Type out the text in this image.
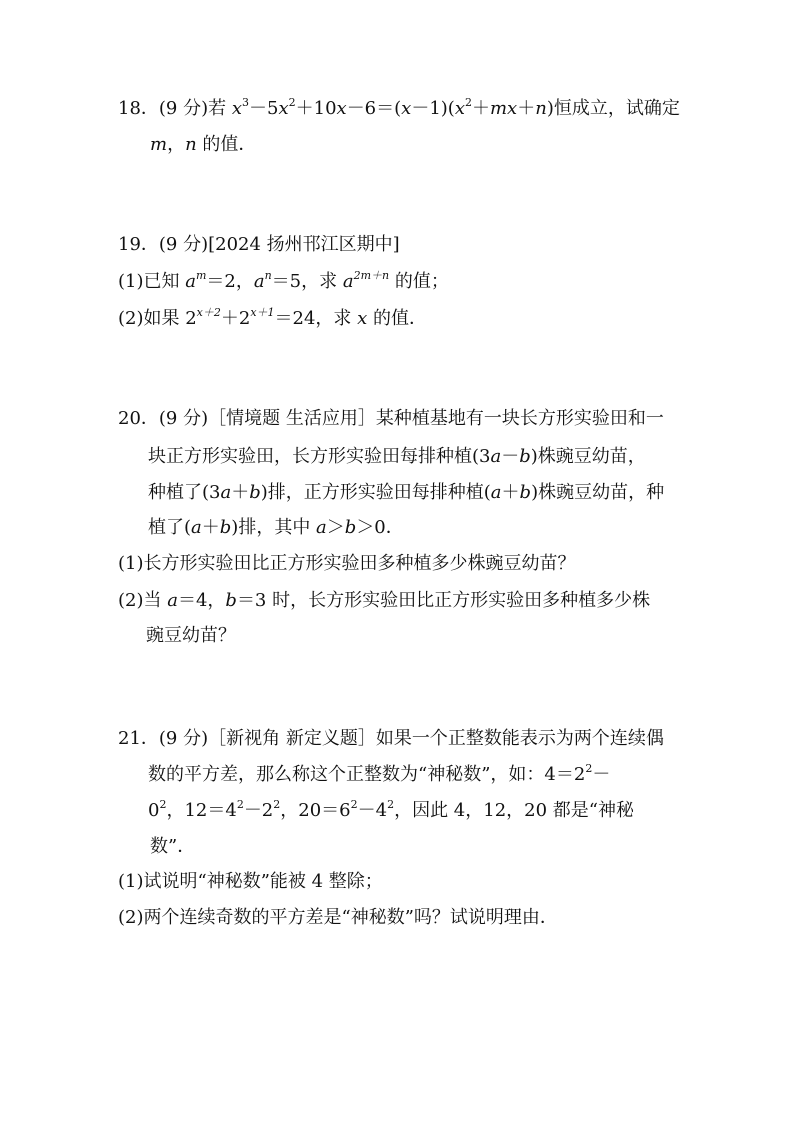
18．(9 分)若 $x^3-5x^2+10x-6=(x-1)(x^2+mx+n)$恒成立，试确定
m，n 的值．
19．(9 分)[2024 扬州邗江区期中]
(1)已知 $a^m=2$，$a^n=5$，求 $a^{2m+n}$ 的值；
(2)如果 $2^{x+2}+2^{x+1}=24$，求 x 的值．
20．(9 分)［情境题 生活应用］某种植基地有一块长方形实验田和一
块正方形实验田，长方形实验田每排种植(3a－b)株豌豆幼苗，
种植了(3a＋b)排，正方形实验田每排种植(a＋b)株豌豆幼苗，种
植了(a＋b)排，其中 a＞b＞0．
(1)长方形实验田比正方形实验田多种植多少株豌豆幼苗？
(2)当 a＝4，b＝3 时，长方形实验田比正方形实验田多种植多少株
豌豆幼苗？
21．(9 分)［新视角 新定义题］如果一个正整数能表示为两个连续偶
数的平方差，那么称这个正整数为“神秘数”，如：$4=2^2-$
$0^2$，$12=4^2-2^2$，$20=6^2-4^2$，因此 4，12，20 都是“神秘
数”．
(1)试说明“神秘数”能被 4 整除；
(2)两个连续奇数的平方差是“神秘数”吗？试说明理由．
